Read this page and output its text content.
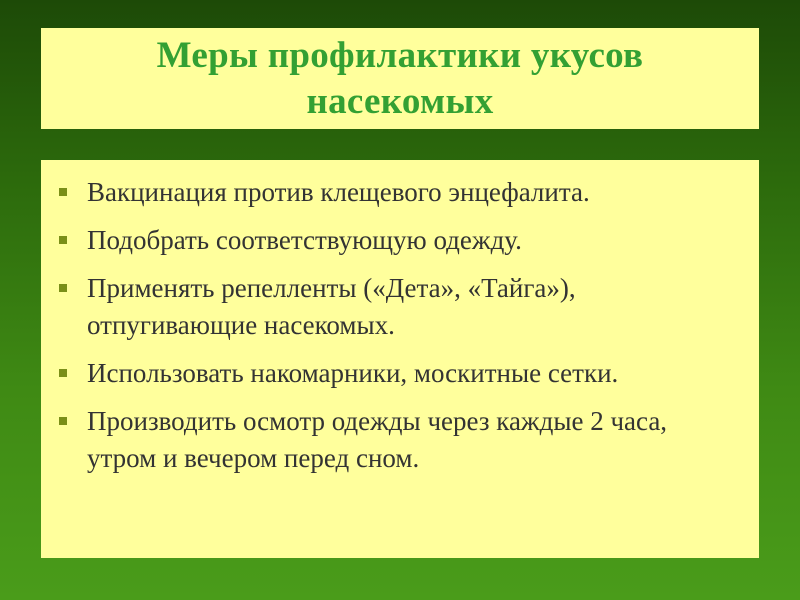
Меры профилактики укусов насекомых
Вакцинация против клещевого энцефалита.
Подобрать соответствующую одежду.
Применять репелленты («Дета», «Тайга»), отпугивающие насекомых.
Использовать накомарники, москитные сетки.
Производить осмотр одежды через каждые 2 часа, утром и вечером перед сном.
